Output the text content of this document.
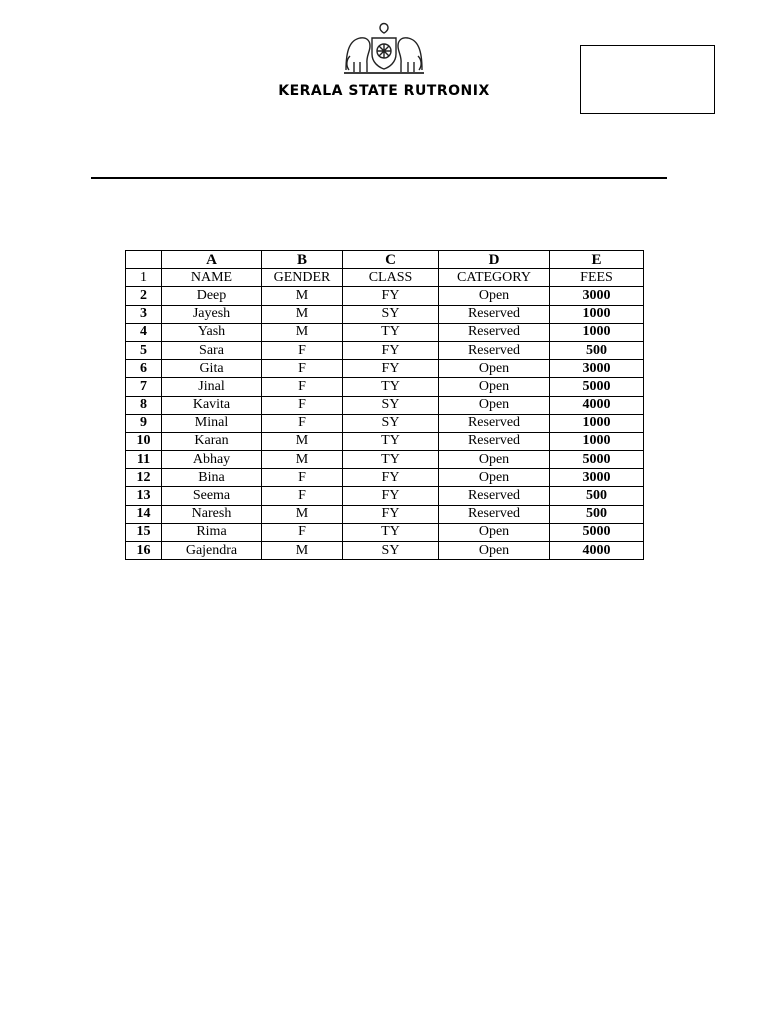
KERALA STATE RUTRONIX
	A	B	C	D	E
1	NAME	GENDER	CLASS	CATEGORY	FEES
2	Deep	M	FY	Open	3000
3	Jayesh	M	SY	Reserved	1000
4	Yash	M	TY	Reserved	1000
5	Sara	F	FY	Reserved	500
6	Gita	F	FY	Open	3000
7	Jinal	F	TY	Open	5000
8	Kavita	F	SY	Open	4000
9	Minal	F	SY	Reserved	1000
10	Karan	M	TY	Reserved	1000
11	Abhay	M	TY	Open	5000
12	Bina	F	FY	Open	3000
13	Seema	F	FY	Reserved	500
14	Naresh	M	FY	Reserved	500
15	Rima	F	TY	Open	5000
16	Gajendra	M	SY	Open	4000
